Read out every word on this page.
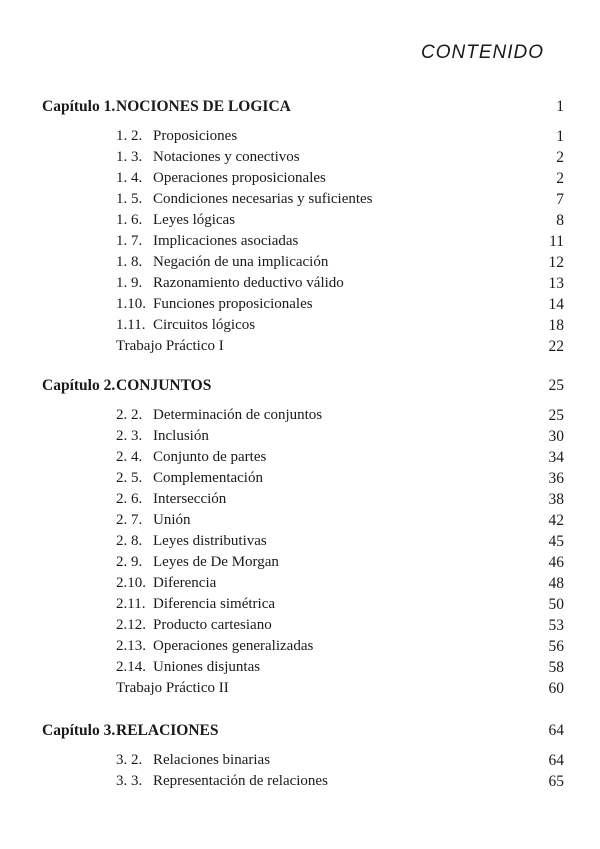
CONTENIDO
Capítulo 1. NOCIONES DE LOGICA	1
1. 2. Proposiciones	1
1. 3. Notaciones y conectivos	2
1. 4. Operaciones proposicionales	2
1. 5. Condiciones necesarias y suficientes	7
1. 6. Leyes lógicas	8
1. 7. Implicaciones asociadas	11
1. 8. Negación de una implicación	12
1. 9. Razonamiento deductivo válido	13
1.10. Funciones proposicionales	14
1.11. Circuitos lógicos	18
Trabajo Práctico I	22
Capítulo 2. CONJUNTOS	25
2. 2. Determinación de conjuntos	25
2. 3. Inclusión	30
2. 4. Conjunto de partes	34
2. 5. Complementación	36
2. 6. Intersección	38
2. 7. Unión	42
2. 8. Leyes distributivas	45
2. 9. Leyes de De Morgan	46
2.10. Diferencia	48
2.11. Diferencia simétrica	50
2.12. Producto cartesiano	53
2.13. Operaciones generalizadas	56
2.14. Uniones disjuntas	58
Trabajo Práctico II	60
Capítulo 3. RELACIONES	64
3. 2. Relaciones binarias	64
3. 3. Representación de relaciones	65
